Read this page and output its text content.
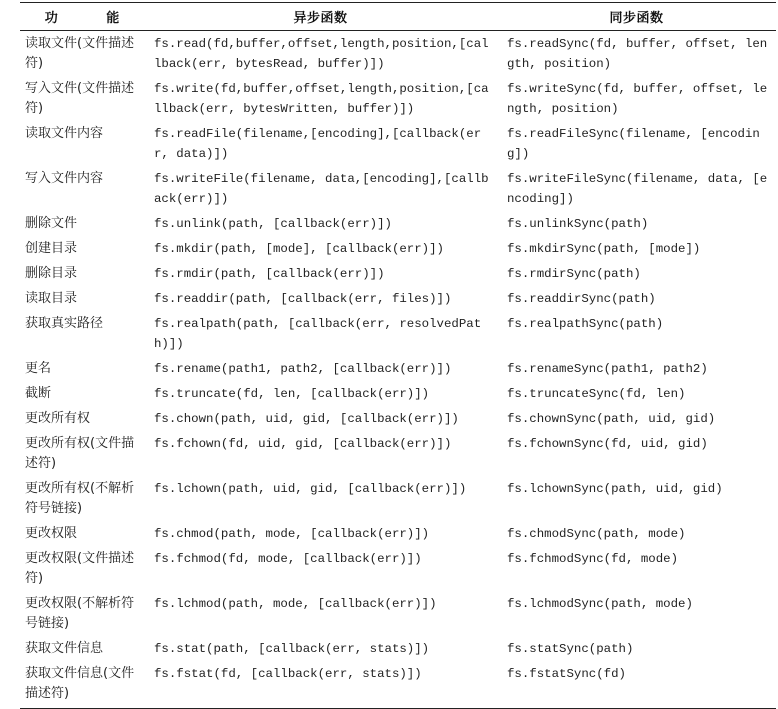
功 能	异步函数	同步函数
读取文件(文件描述符)	fs.read(fd,buffer,offset,length,position,[callback(err, bytesRead, buffer)])	fs.readSync(fd, buffer, offset, length, position)
写入文件(文件描述符)	fs.write(fd,buffer,offset,length,position,[callback(err, bytesWritten, buffer)])	fs.writeSync(fd, buffer, offset, length, position)
读取文件内容	fs.readFile(filename,[encoding],[callback(err, data)])	fs.readFileSync(filename, [encoding])
写入文件内容	fs.writeFile(filename, data,[encoding],[callback(err)])	fs.writeFileSync(filename, data, [encoding])
删除文件	fs.unlink(path, [callback(err)])	fs.unlinkSync(path)
创建目录	fs.mkdir(path, [mode], [callback(err)])	fs.mkdirSync(path, [mode])
删除目录	fs.rmdir(path, [callback(err)])	fs.rmdirSync(path)
读取目录	fs.readdir(path, [callback(err, files)])	fs.readdirSync(path)
获取真实路径	fs.realpath(path, [callback(err, resolvedPath)])	fs.realpathSync(path)
更名	fs.rename(path1, path2, [callback(err)])	fs.renameSync(path1, path2)
截断	fs.truncate(fd, len, [callback(err)])	fs.truncateSync(fd, len)
更改所有权	fs.chown(path, uid, gid, [callback(err)])	fs.chownSync(path, uid, gid)
更改所有权(文件描述符)	fs.fchown(fd, uid, gid, [callback(err)])	fs.fchownSync(fd, uid, gid)
更改所有权(不解析符号链接)	fs.lchown(path, uid, gid, [callback(err)])	fs.lchownSync(path, uid, gid)
更改权限	fs.chmod(path, mode, [callback(err)])	fs.chmodSync(path, mode)
更改权限(文件描述符)	fs.fchmod(fd, mode, [callback(err)])	fs.fchmodSync(fd, mode)
更改权限(不解析符号链接)	fs.lchmod(path, mode, [callback(err)])	fs.lchmodSync(path, mode)
获取文件信息	fs.stat(path, [callback(err, stats)])	fs.statSync(path)
获取文件信息(文件描述符)	fs.fstat(fd, [callback(err, stats)])	fs.fstatSync(fd)
